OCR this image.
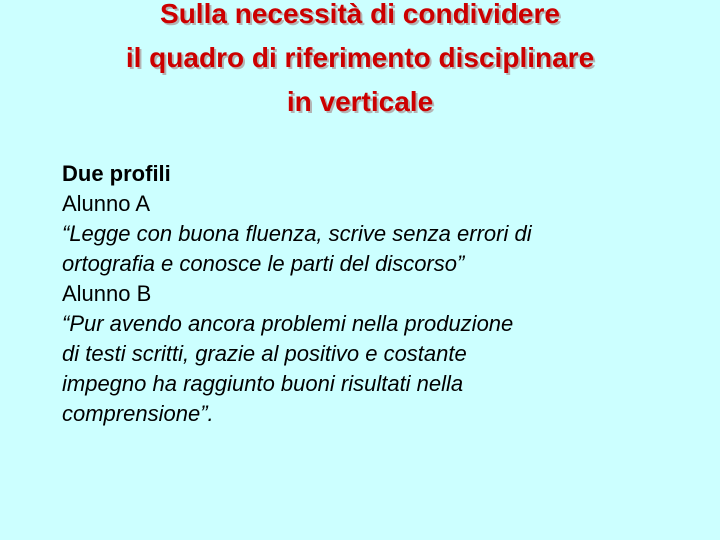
Sulla necessità di condividere
il quadro di riferimento disciplinare
in verticale

Due profili

Alunno A

“Legge con buona fluenza, scrive senza errori di
ortografia e conosce le parti del discorso”

Alunno B

“Pur avendo ancora problemi nella produzione
di testi scritti, grazie al positivo e costante
impegno ha raggiunto buoni risultati nella
comprensione”.
